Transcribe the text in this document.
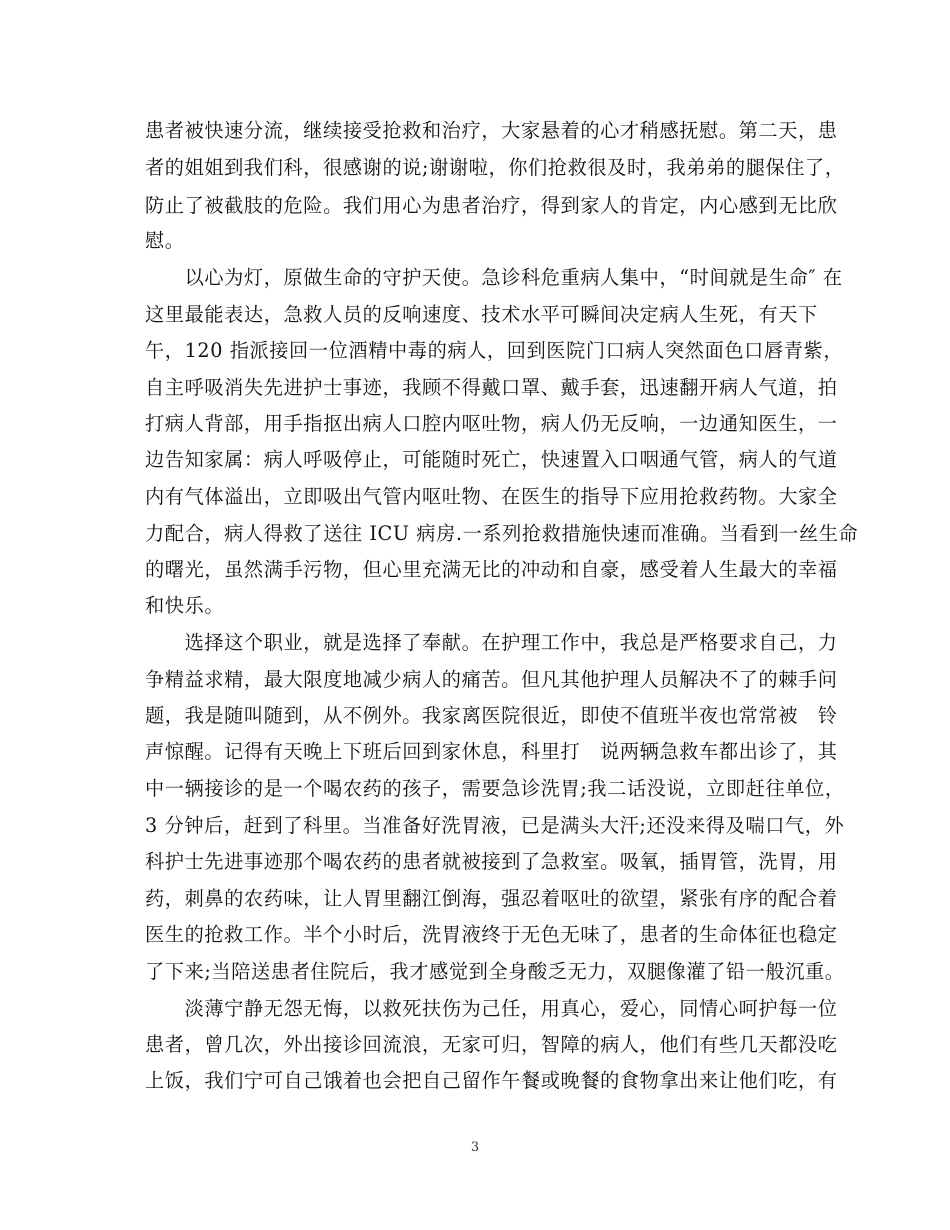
患者被快速分流，继续接受抢救和治疗，大家悬着的心才稍感抚慰。第二天，患
者的姐姐到我们科，很感谢的说;谢谢啦，你们抢救很及时，我弟弟的腿保住了，
防止了被截肢的危险。我们用心为患者治疗，得到家人的肯定，内心感到无比欣
慰。
　　以心为灯，原做生命的守护天使。急诊科危重病人集中，“时间就是生命″ 在
这里最能表达，急救人员的反响速度、技术水平可瞬间决定病人生死，有天下
午，120 指派接回一位酒精中毒的病人，回到医院门口病人突然面色口唇青紫，
自主呼吸消失先进护士事迹，我顾不得戴口罩、戴手套，迅速翻开病人气道，拍
打病人背部，用手指抠出病人口腔内呕吐物，病人仍无反响，一边通知医生，一
边告知家属：病人呼吸停止，可能随时死亡，快速置入口咽通气管，病人的气道
内有气体溢出，立即吸出气管内呕吐物、在医生的指导下应用抢救药物。大家全
力配合，病人得救了送往 ICU 病房.一系列抢救措施快速而准确。当看到一丝生命
的曙光，虽然满手污物，但心里充满无比的冲动和自豪，感受着人生最大的幸福
和快乐。
　　选择这个职业，就是选择了奉献。在护理工作中，我总是严格要求自己，力
争精益求精，最大限度地减少病人的痛苦。但凡其他护理人员解决不了的棘手问
题，我是随叫随到，从不例外。我家离医院很近，即使不值班半夜也常常被　铃
声惊醒。记得有天晚上下班后回到家休息，科里打　说两辆急救车都出诊了，其
中一辆接诊的是一个喝农药的孩子，需要急诊洗胃;我二话没说，立即赶往单位，
3 分钟后，赶到了科里。当准备好洗胃液，已是满头大汗;还没来得及喘口气，外
科护士先进事迹那个喝农药的患者就被接到了急救室。吸氧，插胃管，洗胃，用
药，刺鼻的农药味，让人胃里翻江倒海，强忍着呕吐的欲望，紧张有序的配合着
医生的抢救工作。半个小时后，洗胃液终于无色无味了，患者的生命体征也稳定
了下来;当陪送患者住院后，我才感觉到全身酸乏无力，双腿像灌了铅一般沉重。
　　淡薄宁静无怨无悔，以救死扶伤为己任，用真心，爱心，同情心呵护每一位
患者，曾几次，外出接诊回流浪，无家可归，智障的病人，他们有些几天都没吃
上饭，我们宁可自己饿着也会把自己留作午餐或晚餐的食物拿出来让他们吃，有
3
